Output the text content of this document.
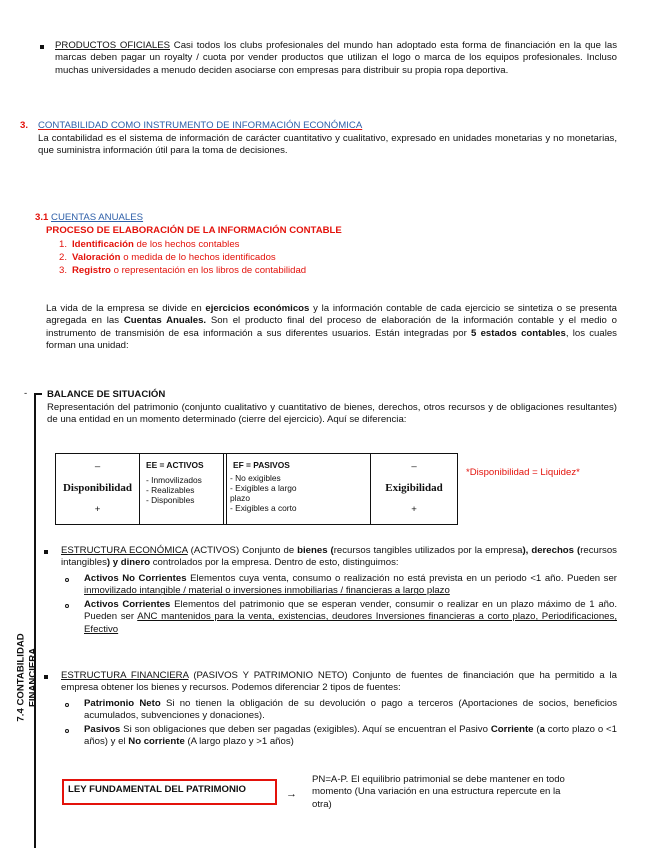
PRODUCTOS OFICIALES Casi todos los clubs profesionales del mundo han adoptado esta forma de financiación en la que las marcas deben pagar un royalty / cuota por vender productos que utilizan el logo o marca de los equipos profesionales. Incluso muchas universidades a menudo deciden asociarse con empresas para distribuir su propia ropa deportiva.
3. CONTABILIDAD COMO INSTRUMENTO DE INFORMACIÓN ECONÓMICA
La contabilidad es el sistema de información de carácter cuantitativo y cualitativo, expresado en unidades monetarias y no monetarias, que suministra información útil para la toma de decisiones.
3.1 CUENTAS ANUALES
PROCESO DE ELABORACIÓN DE LA INFORMACIÓN CONTABLE
1. Identificación de los hechos contables
2. Valoración o medida de lo hechos identificados
3. Registro o representación en los libros de contabilidad
La vida de la empresa se divide en ejercicios económicos y la información contable de cada ejercicio se sintetiza o se presenta agregada en las Cuentas Anuales. Son el producto final del proceso de elaboración de la información contable y el medio o instrumento de transmisión de esa información a sus diferentes usuarios. Están integradas por 5 estados contables, los cuales forman una unidad:
-
7.4 CONTABILIDAD FINANCIERA
BALANCE DE SITUACIÓN
Representación del patrimonio (conjunto cualitativo y cuantitativo de bienes, derechos, otros recursos y de obligaciones resultantes) de una entidad en un momento determinado (cierre del ejercicio). Aquí se diferencia:
–
Disponibilidad
+
EE = ACTIVOS
- Inmovilizados
- Realizables
- Disponibles
EF = PASIVOS
- No exigibles
- Exigibles a largo plazo
- Exigibles a corto
–
Exigibilidad
+
*Disponibilidad = Liquidez*
ESTRUCTURA ECONÓMICA (ACTIVOS) Conjunto de bienes (recursos tangibles utilizados por la empresa), derechos (recursos intangibles) y dinero controlados por la empresa. Dentro de esto, distinguimos:
Activos No Corrientes Elementos cuya venta, consumo o realización no está prevista en un periodo <1 año. Pueden ser inmovilizado intangible / material o inversiones inmobiliarias / financieras a largo plazo
Activos Corrientes Elementos del patrimonio que se esperan vender, consumir o realizar en un plazo máximo de 1 año. Pueden ser ANC mantenidos para la venta, existencias, deudores Inversiones financieras a corto plazo, Periodificaciones, Efectivo
ESTRUCTURA FINANCIERA (PASIVOS Y PATRIMONIO NETO) Conjunto de fuentes de financiación que ha permitido a la empresa obtener los bienes y recursos. Podemos diferenciar 2 tipos de fuentes:
Patrimonio Neto Si no tienen la obligación de su devolución o pago a terceros (Aportaciones de socios, beneficios acumulados, subvenciones y donaciones).
Pasivos Si son obligaciones que deben ser pagadas (exigibles). Aquí se encuentran el Pasivo Corriente (a corto plazo o <1 años) y el No corriente (A largo plazo y >1 años)
LEY FUNDAMENTAL DEL PATRIMONIO	→
PN=A-P. El equilibrio patrimonial se debe mantener en todo momento (Una variación en una estructura repercute en la otra)
